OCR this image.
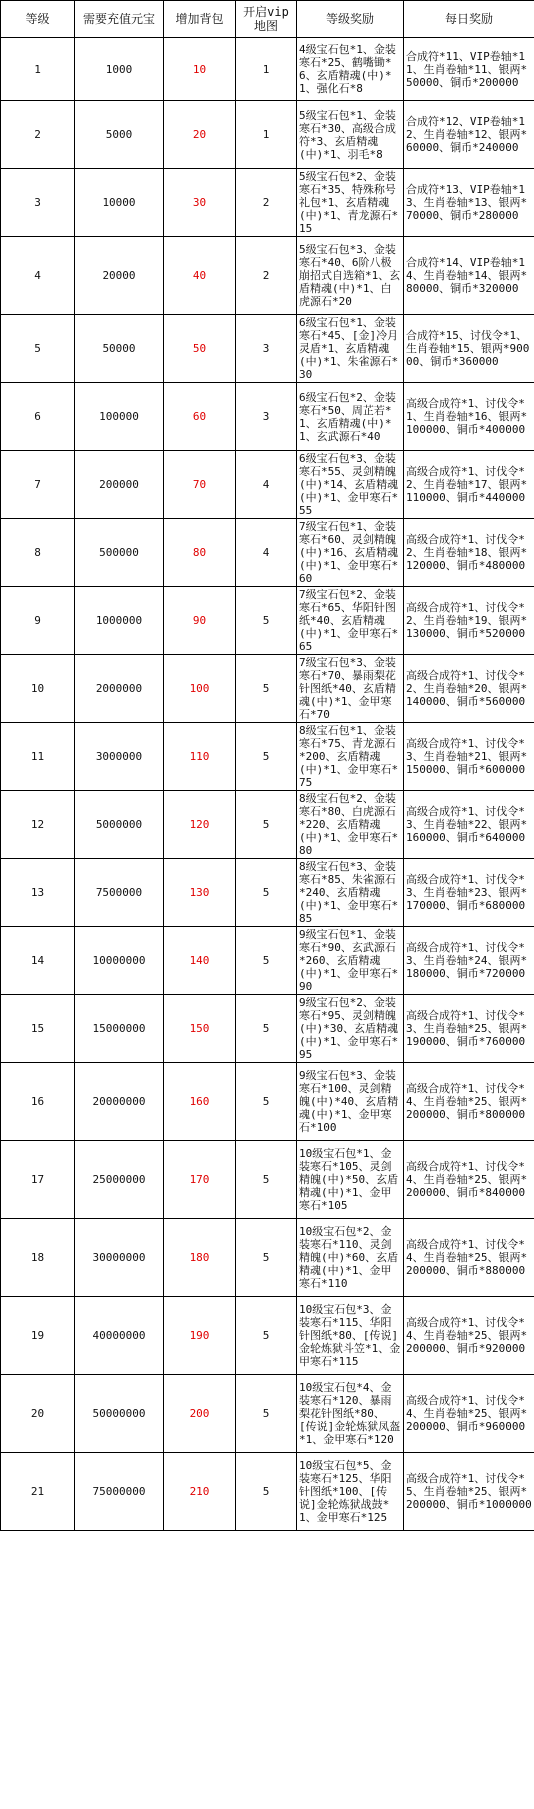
等级	需要充值元宝	增加背包	开启vip地图	等级奖励	每日奖励
1	1000	10	1	4级宝石包*1、金装寒石*25、鹤嘴锄*6、玄盾精魂(中)*1、强化石*8	合成符*11、VIP卷轴*11、生肖卷轴*11、银两*50000、铜币*200000
2	5000	20	1	5级宝石包*1、金装寒石*30、高级合成符*3、玄盾精魂(中)*1、羽毛*8	合成符*12、VIP卷轴*12、生肖卷轴*12、银两*60000、铜币*240000
3	10000	30	2	5级宝石包*2、金装寒石*35、特殊称号礼包*1、玄盾精魂(中)*1、青龙源石*15	合成符*13、VIP卷轴*13、生肖卷轴*13、银两*70000、铜币*280000
4	20000	40	2	5级宝石包*3、金装寒石*40、6阶八极崩招式自选箱*1、玄盾精魂(中)*1、白虎源石*20	合成符*14、VIP卷轴*14、生肖卷轴*14、银两*80000、铜币*320000
5	50000	50	3	6级宝石包*1、金装寒石*45、[金]冷月灵盾*1、玄盾精魂(中)*1、朱雀源石*30	合成符*15、讨伐令*1、生肖卷轴*15、银两*90000、铜币*360000
6	100000	60	3	6级宝石包*2、金装寒石*50、周芷若*1、玄盾精魂(中)*1、玄武源石*40	高级合成符*1、讨伐令*1、生肖卷轴*16、银两*100000、铜币*400000
7	200000	70	4	6级宝石包*3、金装寒石*55、灵剑精魄(中)*14、玄盾精魂(中)*1、金甲寒石*55	高级合成符*1、讨伐令*2、生肖卷轴*17、银两*110000、铜币*440000
8	500000	80	4	7级宝石包*1、金装寒石*60、灵剑精魄(中)*16、玄盾精魂(中)*1、金甲寒石*60	高级合成符*1、讨伐令*2、生肖卷轴*18、银两*120000、铜币*480000
9	1000000	90	5	7级宝石包*2、金装寒石*65、华阳针图纸*40、玄盾精魂(中)*1、金甲寒石*65	高级合成符*1、讨伐令*2、生肖卷轴*19、银两*130000、铜币*520000
10	2000000	100	5	7级宝石包*3、金装寒石*70、暴雨梨花针图纸*40、玄盾精魂(中)*1、金甲寒石*70	高级合成符*1、讨伐令*2、生肖卷轴*20、银两*140000、铜币*560000
11	3000000	110	5	8级宝石包*1、金装寒石*75、青龙源石*200、玄盾精魂(中)*1、金甲寒石*75	高级合成符*1、讨伐令*3、生肖卷轴*21、银两*150000、铜币*600000
12	5000000	120	5	8级宝石包*2、金装寒石*80、白虎源石*220、玄盾精魂(中)*1、金甲寒石*80	高级合成符*1、讨伐令*3、生肖卷轴*22、银两*160000、铜币*640000
13	7500000	130	5	8级宝石包*3、金装寒石*85、朱雀源石*240、玄盾精魂(中)*1、金甲寒石*85	高级合成符*1、讨伐令*3、生肖卷轴*23、银两*170000、铜币*680000
14	10000000	140	5	9级宝石包*1、金装寒石*90、玄武源石*260、玄盾精魂(中)*1、金甲寒石*90	高级合成符*1、讨伐令*3、生肖卷轴*24、银两*180000、铜币*720000
15	15000000	150	5	9级宝石包*2、金装寒石*95、灵剑精魄(中)*30、玄盾精魂(中)*1、金甲寒石*95	高级合成符*1、讨伐令*3、生肖卷轴*25、银两*190000、铜币*760000
16	20000000	160	5	9级宝石包*3、金装寒石*100、灵剑精魄(中)*40、玄盾精魂(中)*1、金甲寒石*100	高级合成符*1、讨伐令*4、生肖卷轴*25、银两*200000、铜币*800000
17	25000000	170	5	10级宝石包*1、金装寒石*105、灵剑精魄(中)*50、玄盾精魂(中)*1、金甲寒石*105	高级合成符*1、讨伐令*4、生肖卷轴*25、银两*200000、铜币*840000
18	30000000	180	5	10级宝石包*2、金装寒石*110、灵剑精魄(中)*60、玄盾精魂(中)*1、金甲寒石*110	高级合成符*1、讨伐令*4、生肖卷轴*25、银两*200000、铜币*880000
19	40000000	190	5	10级宝石包*3、金装寒石*115、华阳针图纸*80、[传说]金轮炼狱斗笠*1、金甲寒石*115	高级合成符*1、讨伐令*4、生肖卷轴*25、银两*200000、铜币*920000
20	50000000	200	5	10级宝石包*4、金装寒石*120、暴雨梨花针图纸*80、[传说]金轮炼狱凤盔*1、金甲寒石*120	高级合成符*1、讨伐令*4、生肖卷轴*25、银两*200000、铜币*960000
21	75000000	210	5	10级宝石包*5、金装寒石*125、华阳针图纸*100、[传说]金轮炼狱战鼓*1、金甲寒石*125	高级合成符*1、讨伐令*5、生肖卷轴*25、银两*200000、铜币*1000000
